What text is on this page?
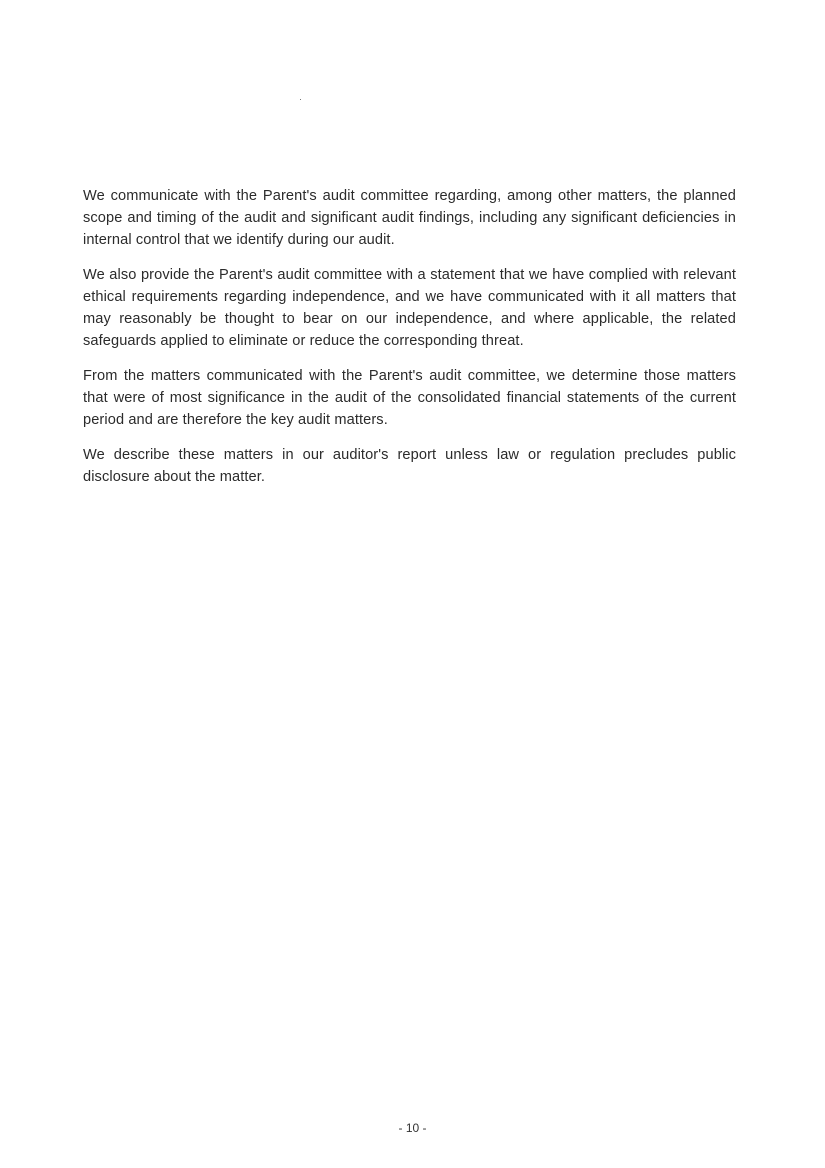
We communicate with the Parent's audit committee regarding, among other matters, the planned scope and timing of the audit and significant audit findings, including any significant deficiencies in internal control that we identify during our audit.

We also provide the Parent's audit committee with a statement that we have complied with relevant ethical requirements regarding independence, and we have communicated with it all matters that may reasonably be thought to bear on our independence, and where applicable, the related safeguards applied to eliminate or reduce the corresponding threat.

From the matters communicated with the Parent's audit committee, we determine those matters that were of most significance in the audit of the consolidated financial statements of the current period and are therefore the key audit matters.

We describe these matters in our auditor's report unless law or regulation precludes public disclosure about the matter.

- 10 -
